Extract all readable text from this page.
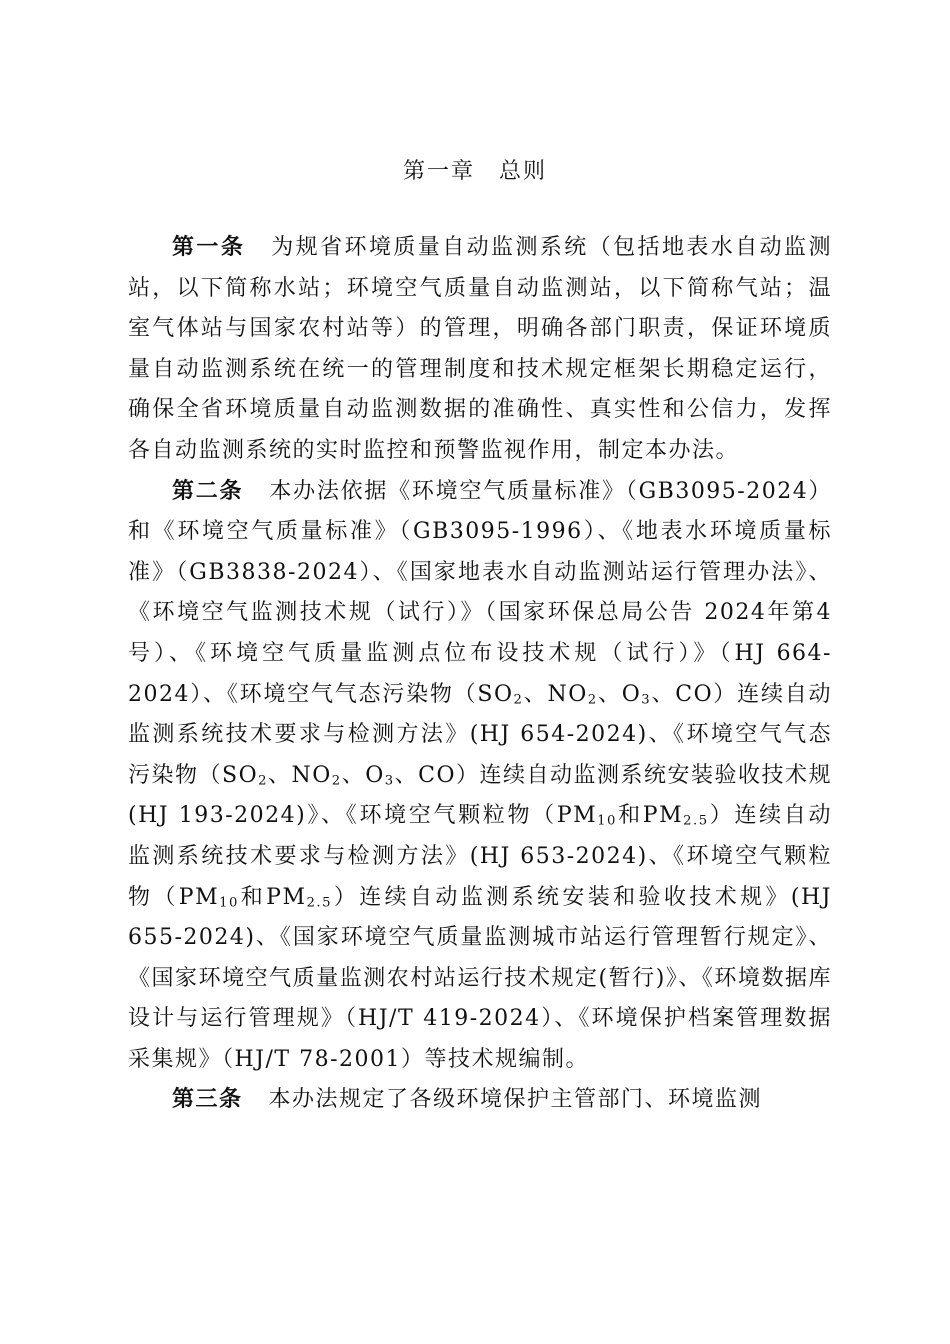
第一章　总则

第一条 为规省环境质量自动监测系统（包括地表水自动监测站，以下简称水站；环境空气质量自动监测站，以下简称气站；温室气体站与国家农村站等）的管理，明确各部门职责，保证环境质量自动监测系统在统一的管理制度和技术规定框架长期稳定运行，确保全省环境质量自动监测数据的准确性、真实性和公信力，发挥各自动监测系统的实时监控和预警监视作用，制定本办法。

第二条 本办法依据《环境空气质量标准》（GB3095-2024）和《环境空气质量标准》（GB3095-1996）、《地表水环境质量标准》（GB3838-2024）、《国家地表水自动监测站运行管理办法》、《环境空气监测技术规（试行）》（国家环保总局公告 2024年第4号）、《环境空气质量监测点位布设技术规（试行）》（HJ 664-2024）、《环境空气气态污染物（$SO_2$、$NO_2$、$O_3$、CO）连续自动监测系统技术要求与检测方法》(HJ 654-2024)、《环境空气气态污染物（$SO_2$、$NO_2$、$O_3$、CO）连续自动监测系统安装验收技术规(HJ 193-2024)》、《环境空气颗粒物（$PM_{10}$和$PM_{2.5}$）连续自动监测系统技术要求与检测方法》(HJ 653-2024)、《环境空气颗粒物（$PM_{10}$和$PM_{2.5}$）连续自动监测系统安装和验收技术规》(HJ 655-2024)、《国家环境空气质量监测城市站运行管理暂行规定》、《国家环境空气质量监测农村站运行技术规定(暂行)》、《环境数据库设计与运行管理规》（HJ/T 419-2024）、《环境保护档案管理数据采集规》（HJ/T 78-2001）等技术规编制。

第三条 本办法规定了各级环境保护主管部门、环境监测
